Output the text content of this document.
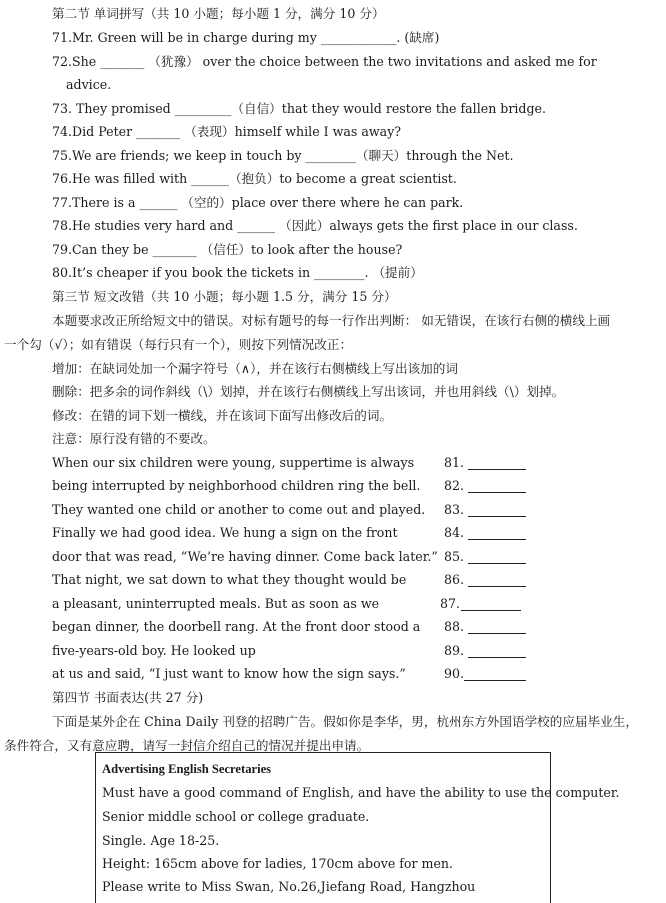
第二节 单词拼写（共 10 小题；每小题 1 分，满分 10 分）
71.Mr. Green will be in charge during my ____________. (缺席)
72.She _______ （犹豫） over the choice between the two invitations and asked me for
advice.
73. They promised _________（自信）that they would restore the fallen bridge.
74.Did Peter _______ （表现）himself while I was away?
75.We are friends; we keep in touch by ________（聊天）through the Net.
76.He was filled with ______（抱负）to become a great scientist.
77.There is a ______ （空的）place over there where he can park.
78.He studies very hard and ______ （因此）always gets the first place in our class.
79.Can they be _______ （信任）to look after the house?
80.It’s cheaper if you book the tickets in ________. （提前）
第三节 短文改错（共 10 小题；每小题 1.5 分，满分 15 分）
本题要求改正所给短文中的错误。对标有题号的每一行作出判断： 如无错误，在该行右侧的横线上画
一个勾（√）；如有错误（每行只有一个），则按下列情况改正：
增加：在缺词处加一个漏字符号（∧），并在该行右侧横线上写出该加的词
删除：把多余的词作斜线（\）划掉，并在该行右侧横线上写出该词，并也用斜线（\）划掉。
修改：在错的词下划一横线，并在该词下面写出修改后的词。
注意：原行没有错的不要改。
When our six children were young, suppertime is always 81.
being interrupted by neighborhood children ring the bell. 82.
They wanted one child or another to come out and played. 83.
Finally we had good idea. We hung a sign on the front	84.
door that was read, “We’re having dinner. Come back later.” 85.
That night, we sat down to what they thought would be	86.
a pleasant, uninterrupted meals. But as soon as we	87.
began dinner, the doorbell rang. At the front door stood a 88.
five-years-old boy. He looked up	89.
at us and said, “I just want to know how the sign says.”	90.
第四节 书面表达(共 27 分)
下面是某外企在 China Daily 刊登的招聘广告。假如你是李华，男，杭州东方外国语学校的应届毕业生，
条件符合，又有意应聘，请写一封信介绍自己的情况并提出申请。
Advertising English Secretaries
Must have a good command of English, and have the ability to use the computer.
Senior middle school or college graduate.
Single. Age 18-25.
Height: 165cm above for ladies, 170cm above for men.
Please write to Miss Swan, No.26,Jiefang Road, Hangzhou
